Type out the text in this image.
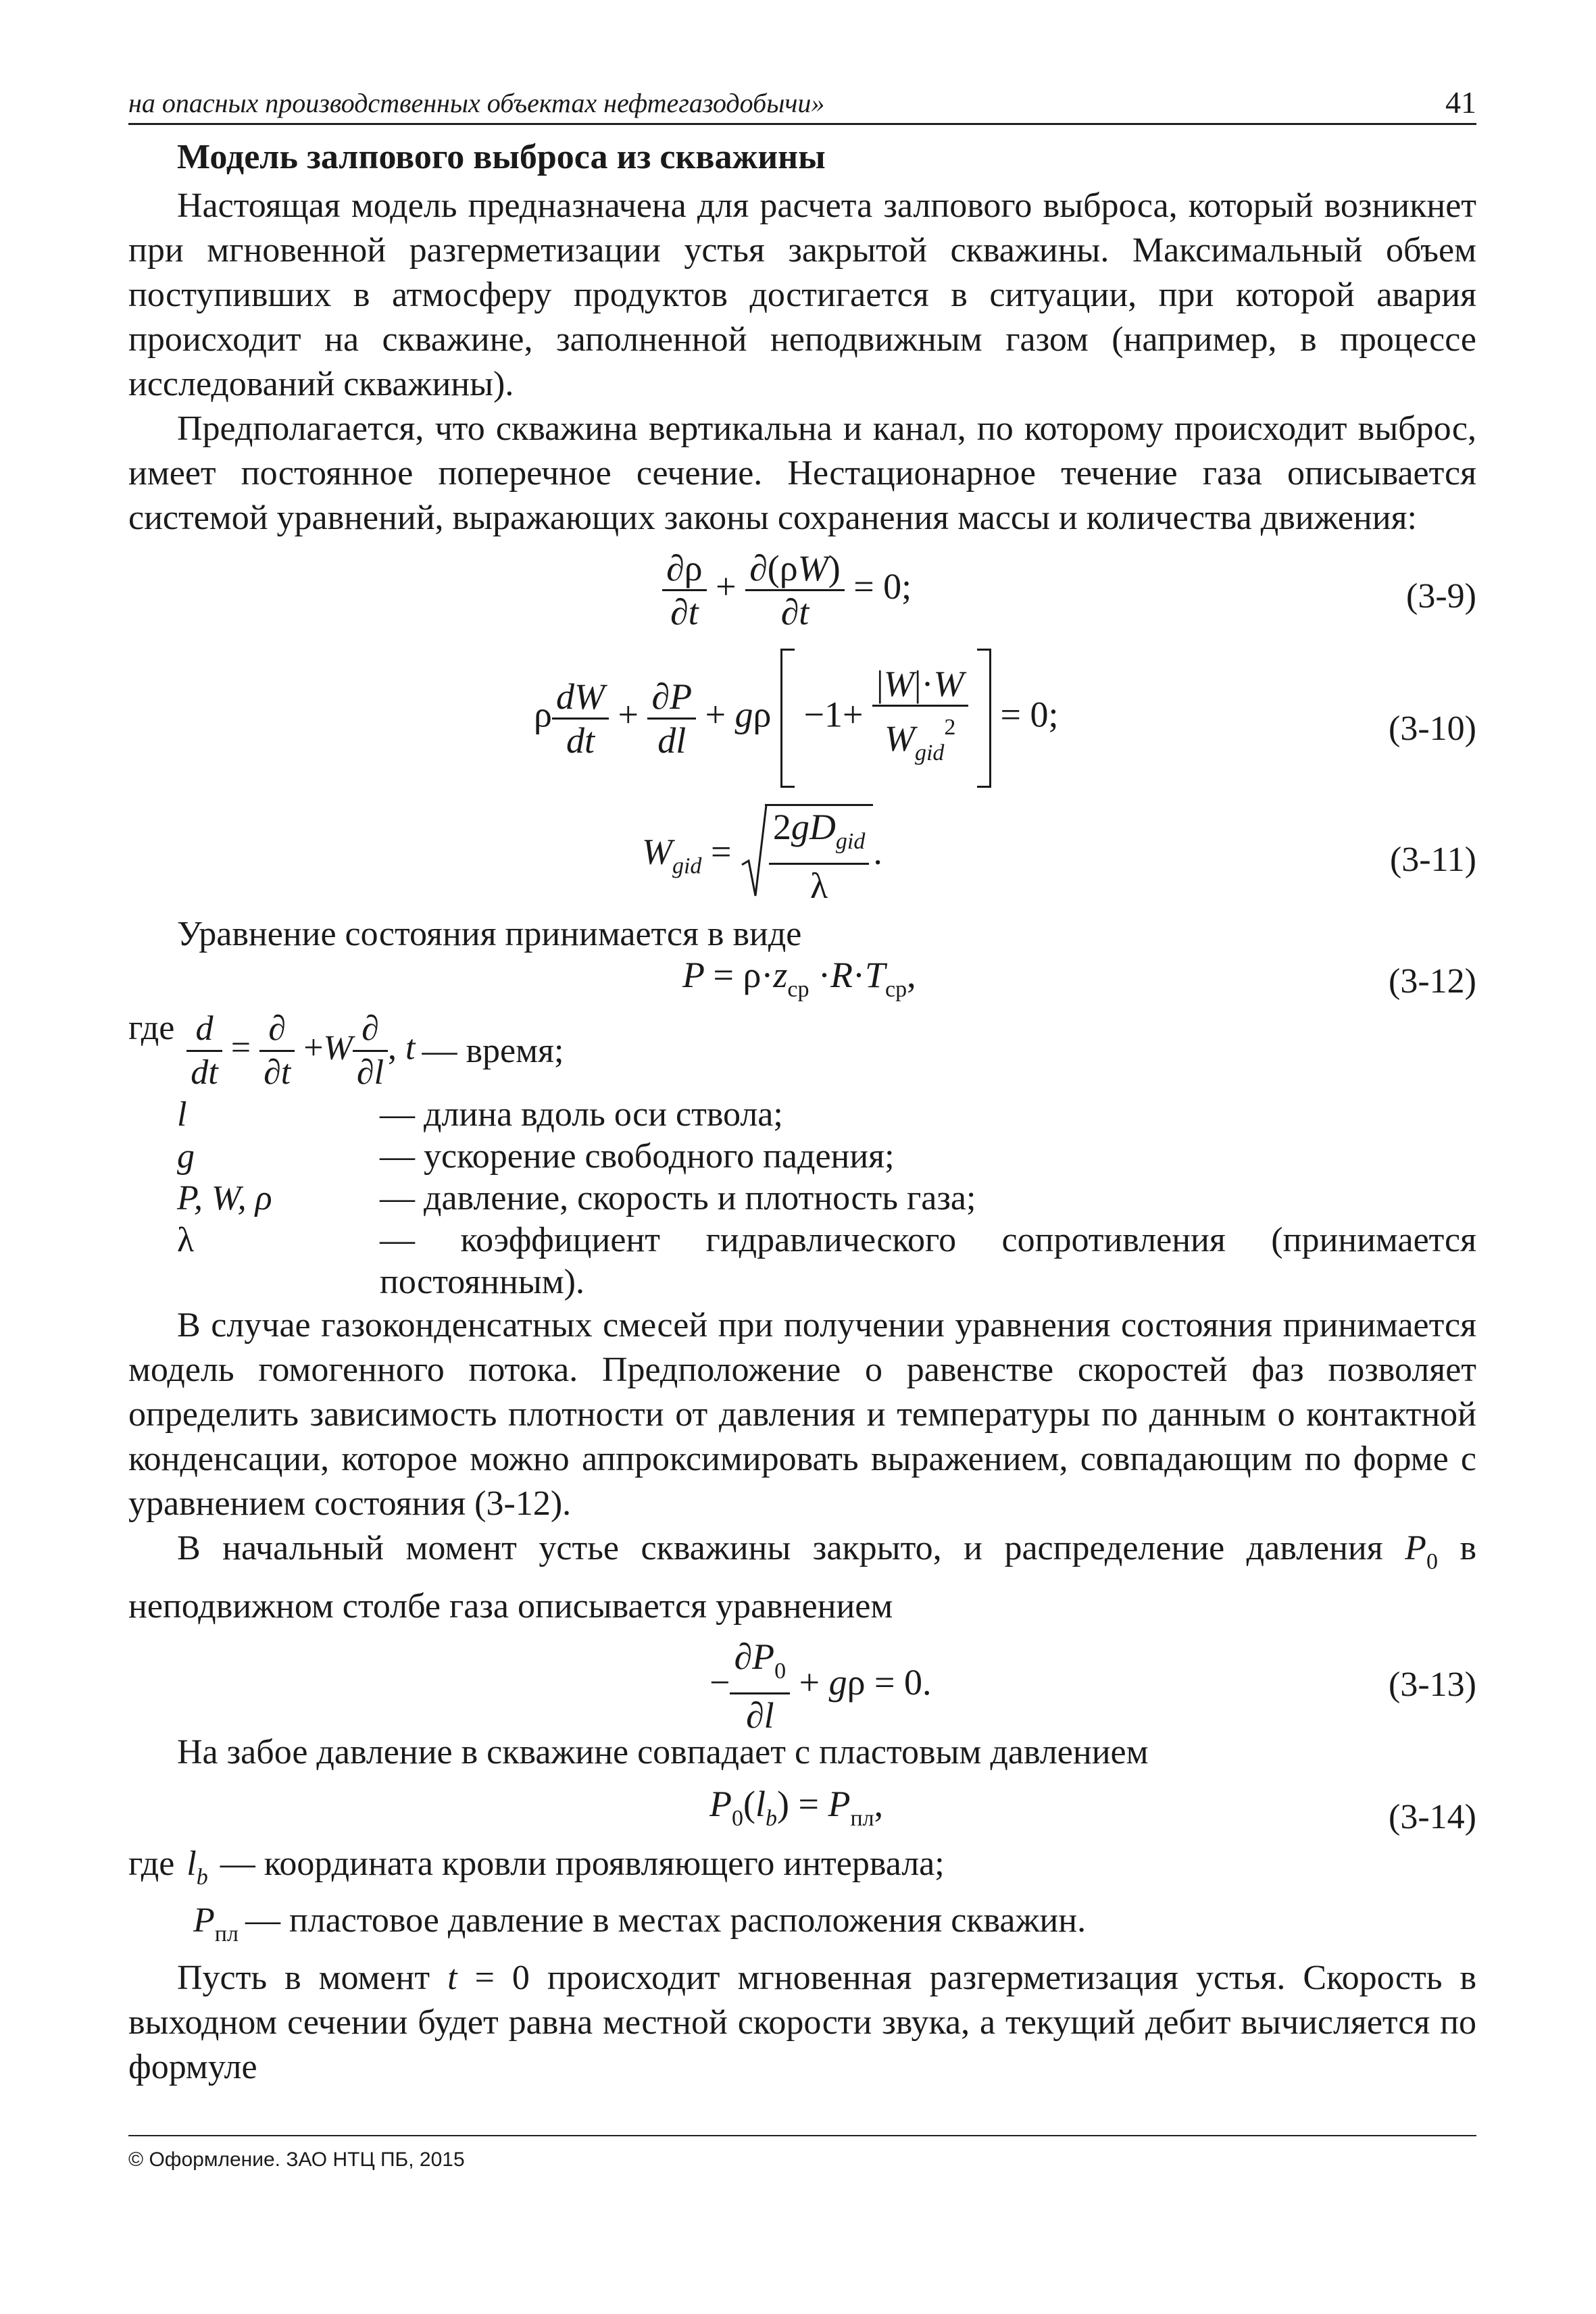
на опасных производственных объектах нефтегазодобычи»	41
Модель залпового выброса из скважины

Настоящая модель предназначена для расчета залпового выброса, который возникнет при мгновенной разгерметизации устья закрытой скважины. Максимальный объем поступивших в атмосферу продуктов достигается в ситуации, при которой авария происходит на скважине, заполненной неподвижным газом (например, в процессе исследований скважины).

Предполагается, что скважина вертикальна и канал, по которому происходит выброс, имеет постоянное поперечное сечение. Нестационарное течение газа описывается системой уравнений, выражающих законы сохранения массы и количества движения:

$\frac{\partial\rho}{\partial t} + \frac{\partial(\rho W)}{\partial t} = 0$;	(3-9)
ρ $\frac{dW}{dt} + \frac{\partial P}{dl} + g\rho -1+ \frac{|W|\cdot W}{W_{gid}^2} = 0$;	(3-10)
$W_{gid} = \frac{2gD_{gid}}{\lambda}$ .	(3-11)

Уравнение состояния принимается в виде

$P = \rho\cdot z_{ср} \cdot R\cdot T_{ср}$,	(3-12)
где $\frac{d}{dt} = \frac{\partial}{\partial t} +W \frac{\partial}{\partial l}$ , t — время;
l	— длина вдоль оси ствола;
g	— ускорение свободного падения;
P, W, ρ	— давление, скорость и плотность газа;
λ	— коэффициент гидравлического сопротивления (принимается постоянным).

В случае газоконденсатных смесей при получении уравнения состояния принимается модель гомогенного потока. Предположение о равенстве скоростей фаз позволяет определить зависимость плотности от давления и температуры по данным о контактной конденсации, которое можно аппроксимировать выражением, совпадающим по форме с уравнением состояния (3-12).

В начальный момент устье скважины закрыто, и распределение давления $P_0$ в неподвижном столбе газа описывается уравнением

− $\frac{\partial P_0}{\partial l} + g\rho = 0$.	(3-13)

На забое давление в скважине совпадает с пластовым давлением

$P_0(l_b) = P_{пл}$,	(3-14)
где $l_b$ — координата кровли проявляющего интервала;
$P_{пл}$ — пластовое давление в местах расположения скважин.

Пусть в момент t = 0 происходит мгновенная разгерметизация устья. Скорость в выходном сечении будет равна местной скорости звука, а текущий дебит вычисляется по формуле

© Оформление. ЗАО НТЦ ПБ, 2015
